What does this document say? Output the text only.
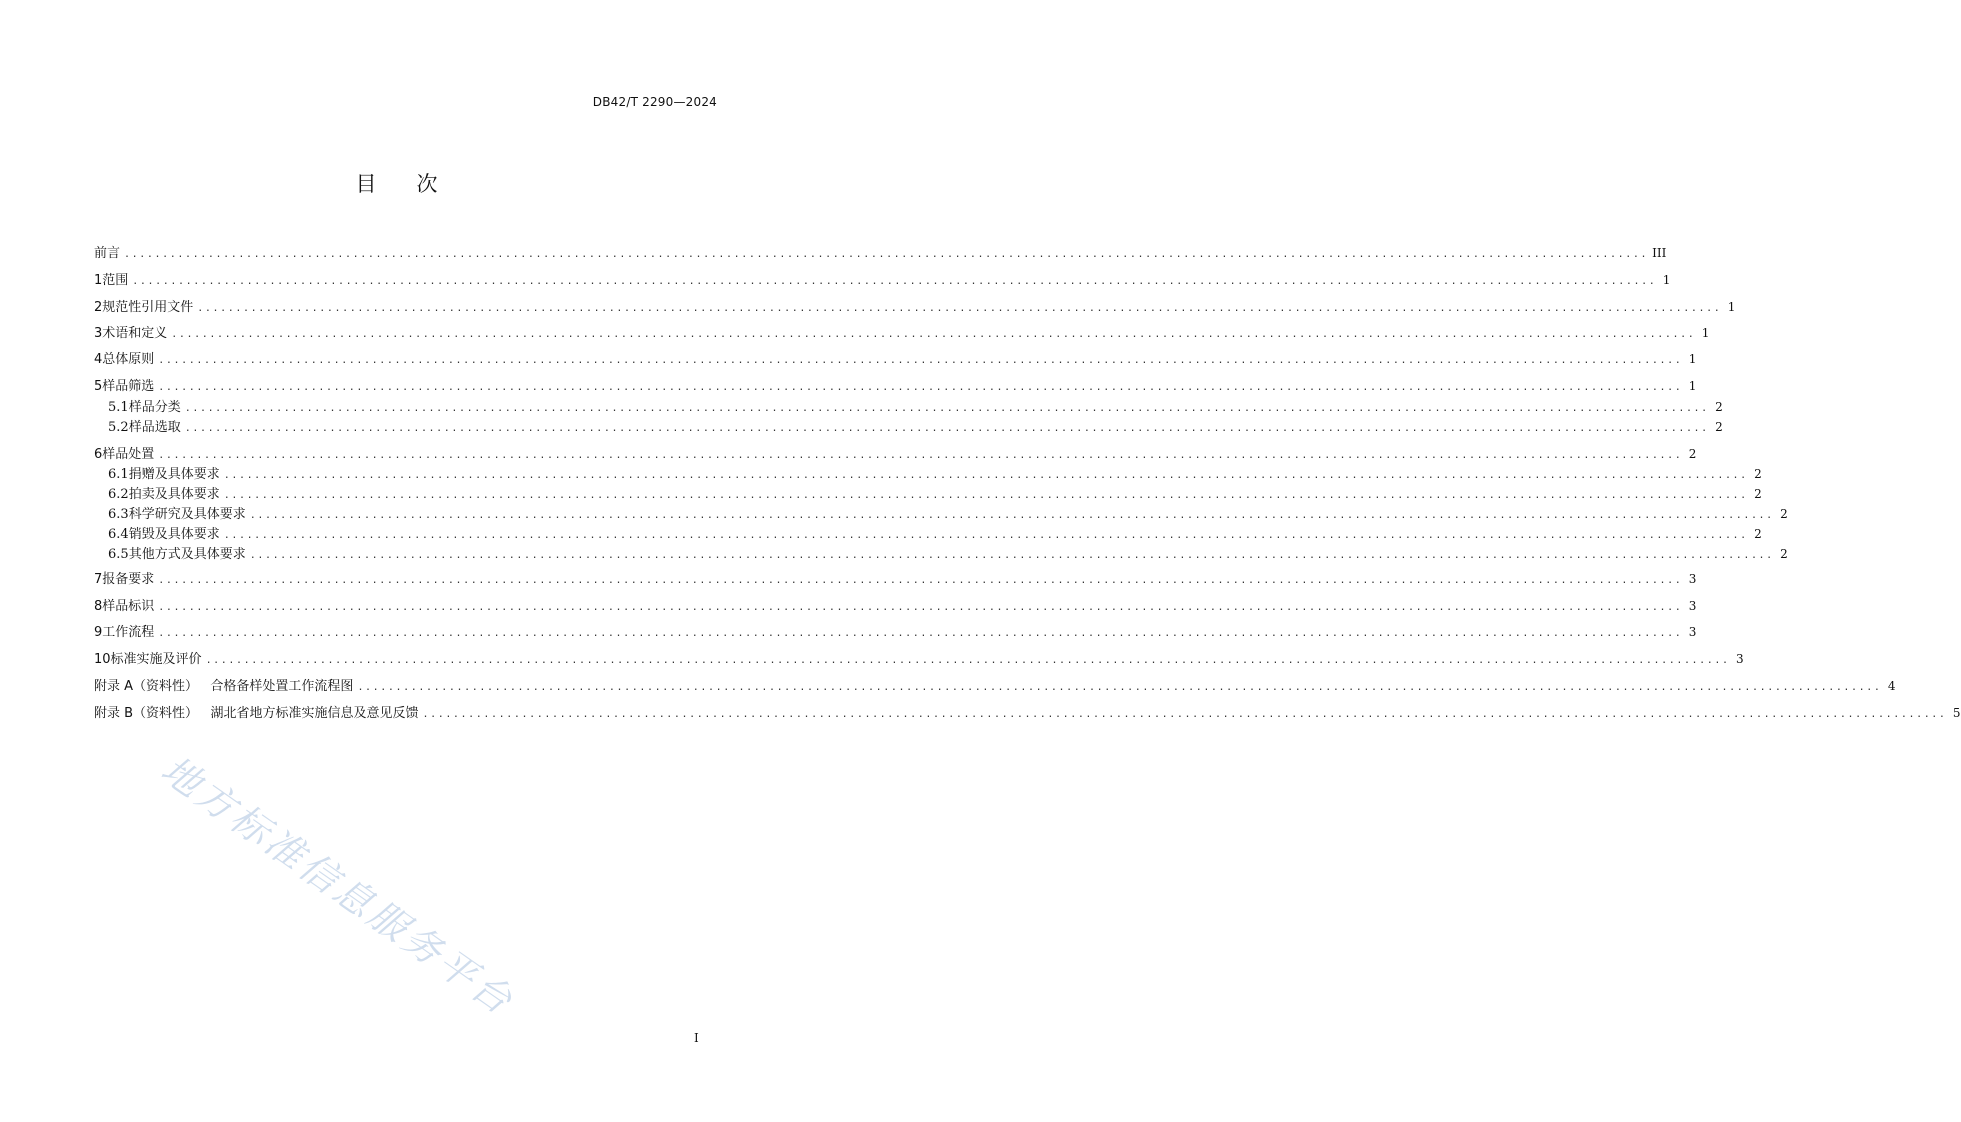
DB42/T 2290—2024
目      次
前言 ........................................................................................................................................................................................................ III
1 范围 ........................................................................................................................................................................................................ 1
2 规范性引用文件 ........................................................................................................................................................................................................ 1
3 术语和定义 ........................................................................................................................................................................................................ 1
4 总体原则 ........................................................................................................................................................................................................ 1
5 样品筛选 ........................................................................................................................................................................................................ 1
5.1 样品分类 ........................................................................................................................................................................................................ 2
5.2 样品选取 ........................................................................................................................................................................................................ 2
6 样品处置 ........................................................................................................................................................................................................ 2
6.1 捐赠及具体要求 ........................................................................................................................................................................................................ 2
6.2 拍卖及具体要求 ........................................................................................................................................................................................................ 2
6.3 科学研究及具体要求 ........................................................................................................................................................................................................ 2
6.4 销毁及具体要求 ........................................................................................................................................................................................................ 2
6.5 其他方式及具体要求 ........................................................................................................................................................................................................ 2
7 报备要求 ........................................................................................................................................................................................................ 3
8 样品标识 ........................................................................................................................................................................................................ 3
9 工作流程 ........................................................................................................................................................................................................ 3
10 标准实施及评价 ........................................................................................................................................................................................................ 3
附录 A（资料性）   合格备样处置工作流程图 ........................................................................................................................................................................................................ 4
附录 B（资料性）   湖北省地方标准实施信息及意见反馈 ........................................................................................................................................................................................................ 5
I
地方标准信息服务平台
